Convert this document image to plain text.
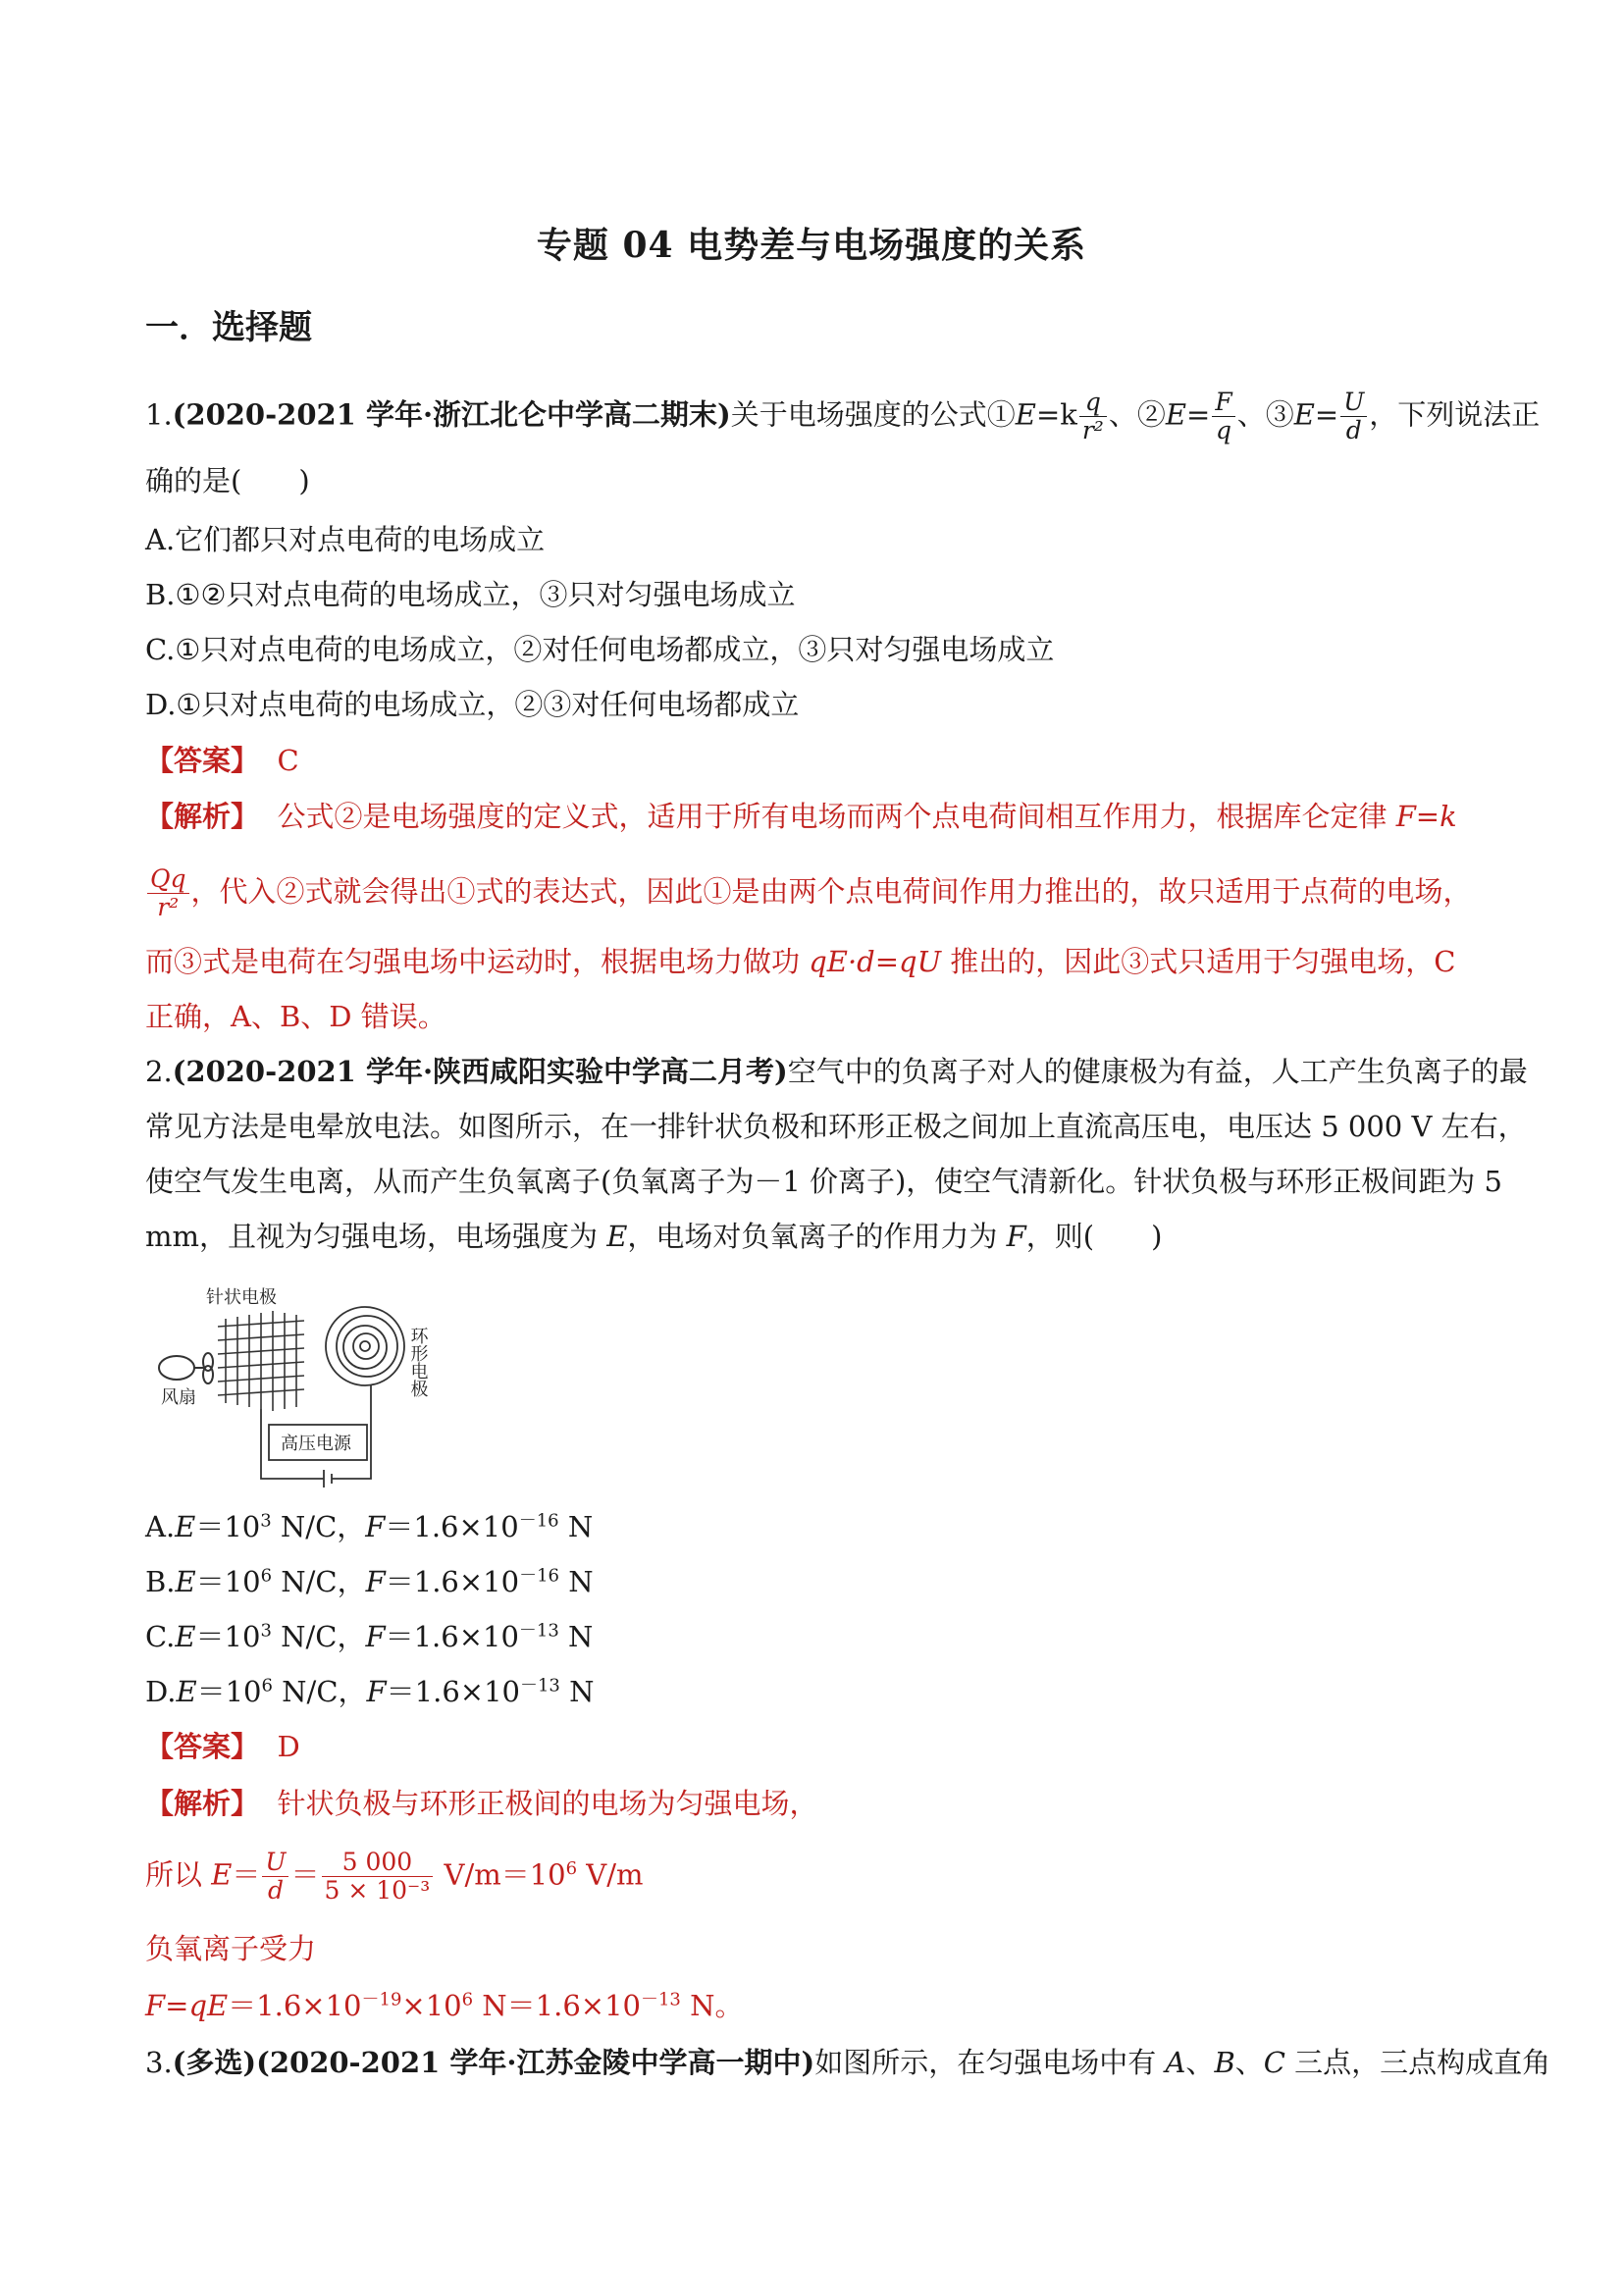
专题 04 电势差与电场强度的关系
一．选择题
1.(2020-2021 学年·浙江北仑中学高二期末)关于电场强度的公式①E=k $\frac{q}{\text{r²}}$ 、②E= $\frac{F}{q}$ 、③E= $\frac{U}{d}$ ，下列说法正
确的是(　　)
A.它们都只对点电荷的电场成立
B.①②只对点电荷的电场成立，③只对匀强电场成立
C.①只对点电荷的电场成立，②对任何电场都成立，③只对匀强电场成立
D.①只对点电荷的电场成立，②③对任何电场都成立
【答案】 C
【解析】 公式②是电场强度的定义式，适用于所有电场而两个点电荷间相互作用力，根据库仑定律 F=k
$\frac{Qq}{\text{r²}}$ ，代入②式就会得出①式的表达式，因此①是由两个点电荷间作用力推出的，故只适用于点荷的电场，
而③式是电荷在匀强电场中运动时，根据电场力做功 qE·d=qU 推出的，因此③式只适用于匀强电场，C
正确，A、B、D 错误。
2.(2020-2021 学年·陕西咸阳实验中学高二月考)空气中的负离子对人的健康极为有益，人工产生负离子的最
常见方法是电晕放电法。如图所示，在一排针状负极和环形正极之间加上直流高压电，电压达 5 000 V 左右，
使空气发生电离，从而产生负氧离子(负氧离子为－1 价离子)，使空气清新化。针状负极与环形正极间距为 5
mm，且视为匀强电场，电场强度为 E，电场对负氧离子的作用力为 F，则(　　)
针状电极
风扇
环形电极
高压电源
$A.E=10^3$ N/C，$F=1.6\times 10^{-16}$ N
$B.E=10^6$ N/C，$F=1.6\times 10^{-16}$ N
$C.E=10^3$ N/C，$F=1.6\times 10^{-13}$ N
$D.E=10^6$ N/C，$F=1.6\times 10^{-13}$ N
【答案】 D
【解析】 针状负极与环形正极间的电场为匀强电场，
所以 $E= \frac{U}{d} = \frac{5 000}{\text{5 × 10⁻³}} V/m=10^6$ V/m
负氧离子受力
$F=qE=1.6\times 10^{-19}\times 10^6$ $N=1.6\times 10^{-13}$ N。
3.(多选)(2020-2021 学年·江苏金陵中学高一期中)如图所示，在匀强电场中有 A、B、C 三点，三点构成直角
